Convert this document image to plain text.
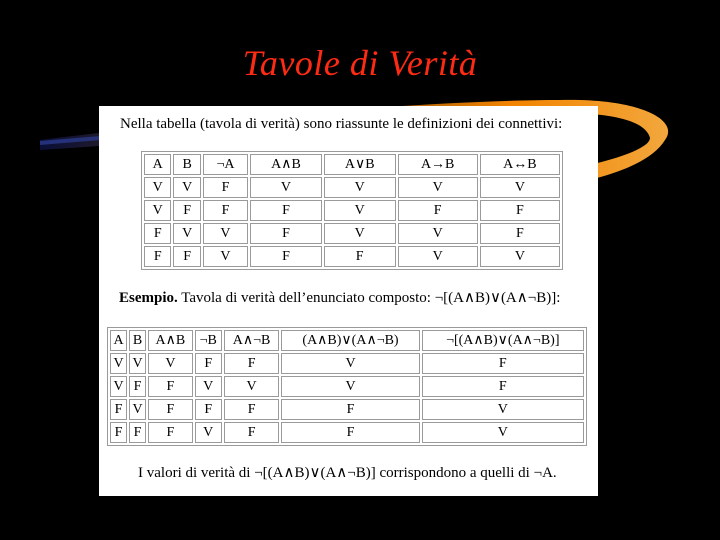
Tavole di Verità
Nella tabella (tavola di verità) sono riassunte le definizioni dei connettivi:
A	B	¬A	A∧B	A∨B	A→B	A↔B
V	V	F	V	V	V	V
V	F	F	F	V	F	F
F	V	V	F	V	V	F
F	F	V	F	F	V	V
Esempio. Tavola di verità dell’enunciato composto: ¬[(A∧B)∨(A∧¬B)]:
A	B	A∧B	¬B	A∧¬B	(A∧B)∨(A∧¬B)	¬[(A∧B)∨(A∧¬B)]
V	V	V	F	F	V	F
V	F	F	V	V	V	F
F	V	F	F	F	F	V
F	F	F	V	F	F	V
I valori di verità di ¬[(A∧B)∨(A∧¬B)] corrispondono a quelli di ¬A.
